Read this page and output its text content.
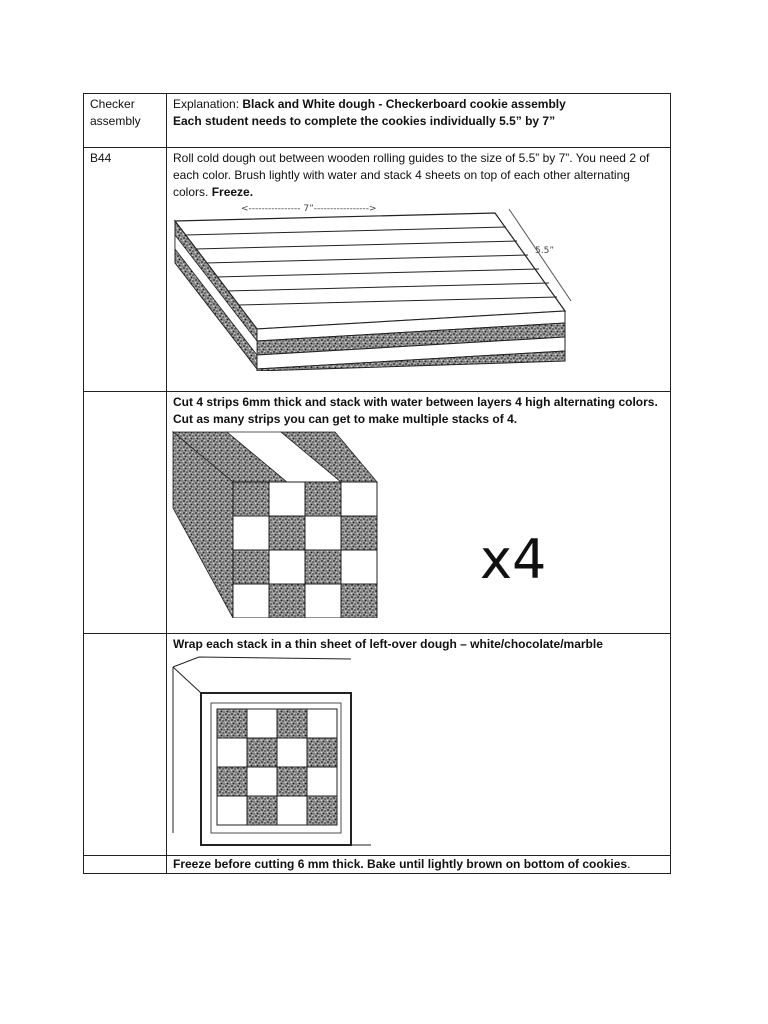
Checker assembly	Explanation: Black and White dough - Checkerboard cookie assembly
Each student needs to complete the cookies individually 5.5” by 7”

B44	Roll cold dough out between wooden rolling guides to the size of 5.5” by 7”. You need 2 of each color. Brush lightly with water and stack 4 sheets on top of each other alternating colors. Freeze.
<---------------- 7”----------------->
5.5”

	Cut 4 strips 6mm thick and stack with water between layers 4 high alternating colors. Cut as many strips you can get to make multiple stacks of 4.
x4

	Wrap each stack in a thin sheet of left-over dough – white/chocolate/marble

	Freeze before cutting 6 mm thick. Bake until lightly brown on bottom of cookies.
